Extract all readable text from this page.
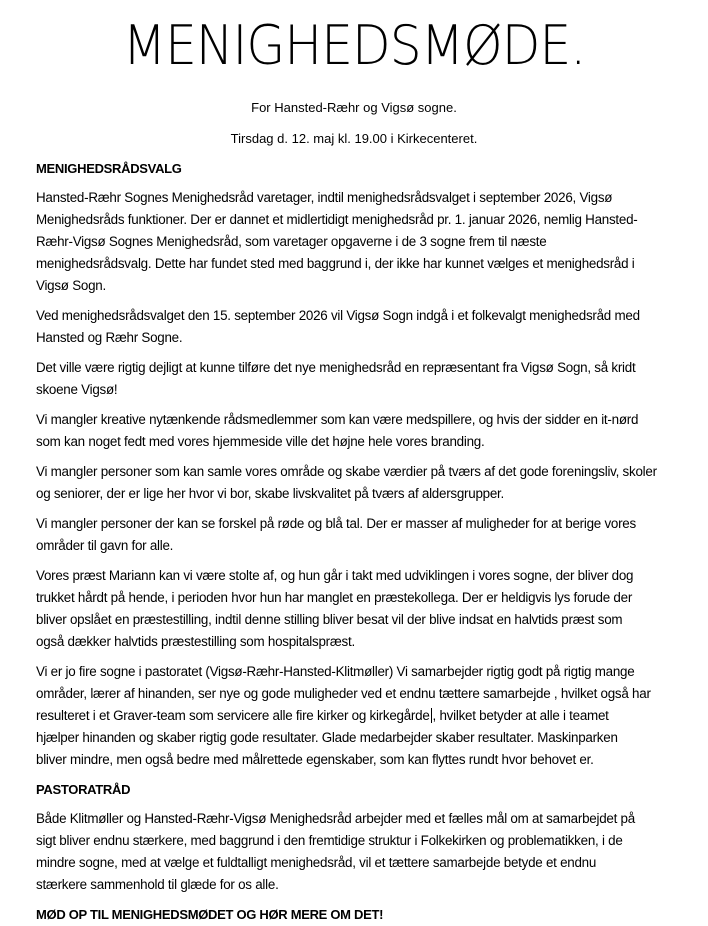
MENIGHEDSMØDE.
For Hansted-Ræhr og Vigsø sogne.
Tirsdag d. 12. maj kl. 19.00 i Kirkecenteret.
MENIGHEDSRÅDSVALG
Hansted-Ræhr Sognes Menighedsråd varetager, indtil menighedsrådsvalget i september 2026, Vigsø
Menighedsråds funktioner. Der er dannet et midlertidigt menighedsråd pr. 1. januar 2026, nemlig Hansted-
Ræhr-Vigsø Sognes Menighedsråd, som varetager opgaverne i de 3 sogne frem til næste
menighedsrådsvalg. Dette har fundet sted med baggrund i, der ikke har kunnet vælges et menighedsråd i
Vigsø Sogn.
Ved menighedsrådsvalget den 15. september 2026 vil Vigsø Sogn indgå i et folkevalgt menighedsråd med
Hansted og Ræhr Sogne.
Det ville være rigtig dejligt at kunne tilføre det nye menighedsråd en repræsentant fra Vigsø Sogn, så kridt
skoene Vigsø!
Vi mangler kreative nytænkende rådsmedlemmer som kan være medspillere, og hvis der sidder en it-nørd
som kan noget fedt med vores hjemmeside ville det højne hele vores branding.
Vi mangler personer som kan samle vores område og skabe værdier på tværs af det gode foreningsliv, skoler
og seniorer, der er lige her hvor vi bor, skabe livskvalitet på tværs af aldersgrupper.
Vi mangler personer der kan se forskel på røde og blå tal. Der er masser af muligheder for at berige vores
områder til gavn for alle.
Vores præst Mariann kan vi være stolte af, og hun går i takt med udviklingen i vores sogne, der bliver dog
trukket hårdt på hende, i perioden hvor hun har manglet en præstekollega. Der er heldigvis lys forude der
bliver opslået en præstestilling, indtil denne stilling bliver besat vil der blive indsat en halvtids præst som
også dækker halvtids præstestilling som hospitalspræst.
Vi er jo fire sogne i pastoratet (Vigsø-Ræhr-Hansted-Klitmøller) Vi samarbejder rigtig godt på rigtig mange
områder, lærer af hinanden, ser nye og gode muligheder ved et endnu tættere samarbejde , hvilket også har
resulteret i et Graver-team som servicere alle fire kirker og kirkegårde , hvilket betyder at alle i teamet
hjælper hinanden og skaber rigtig gode resultater. Glade medarbejder skaber resultater. Maskinparken
bliver mindre, men også bedre med målrettede egenskaber, som kan flyttes rundt hvor behovet er.
PASTORATRÅD
Både Klitmøller og Hansted-Ræhr-Vigsø Menighedsråd arbejder med et fælles mål om at samarbejdet på
sigt bliver endnu stærkere, med baggrund i den fremtidige struktur i Folkekirken og problematikken, i de
mindre sogne, med at vælge et fuldtalligt menighedsråd, vil et tættere samarbejde betyde et endnu
stærkere sammenhold til glæde for os alle.
MØD OP TIL MENIGHEDSMØDET OG HØR MERE OM DET!
